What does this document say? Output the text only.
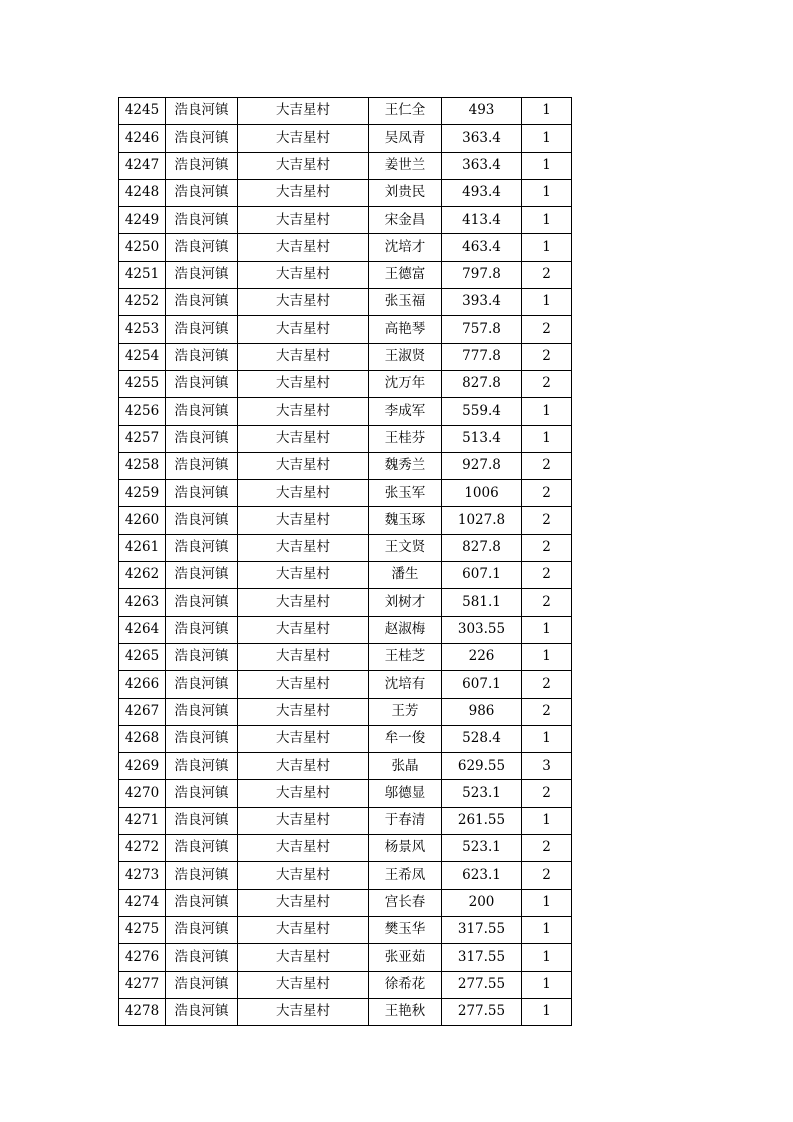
4245	浩良河镇	大吉星村	王仁全	493	1
4246	浩良河镇	大吉星村	吴凤青	363.4	1
4247	浩良河镇	大吉星村	姜世兰	363.4	1
4248	浩良河镇	大吉星村	刘贵民	493.4	1
4249	浩良河镇	大吉星村	宋金昌	413.4	1
4250	浩良河镇	大吉星村	沈培才	463.4	1
4251	浩良河镇	大吉星村	王德富	797.8	2
4252	浩良河镇	大吉星村	张玉福	393.4	1
4253	浩良河镇	大吉星村	高艳琴	757.8	2
4254	浩良河镇	大吉星村	王淑贤	777.8	2
4255	浩良河镇	大吉星村	沈万年	827.8	2
4256	浩良河镇	大吉星村	李成军	559.4	1
4257	浩良河镇	大吉星村	王桂芬	513.4	1
4258	浩良河镇	大吉星村	魏秀兰	927.8	2
4259	浩良河镇	大吉星村	张玉军	1006	2
4260	浩良河镇	大吉星村	魏玉琢	1027.8	2
4261	浩良河镇	大吉星村	王文贤	827.8	2
4262	浩良河镇	大吉星村	潘生	607.1	2
4263	浩良河镇	大吉星村	刘树才	581.1	2
4264	浩良河镇	大吉星村	赵淑梅	303.55	1
4265	浩良河镇	大吉星村	王桂芝	226	1
4266	浩良河镇	大吉星村	沈培有	607.1	2
4267	浩良河镇	大吉星村	王芳	986	2
4268	浩良河镇	大吉星村	牟一俊	528.4	1
4269	浩良河镇	大吉星村	张晶	629.55	3
4270	浩良河镇	大吉星村	邬德显	523.1	2
4271	浩良河镇	大吉星村	于春清	261.55	1
4272	浩良河镇	大吉星村	杨景风	523.1	2
4273	浩良河镇	大吉星村	王希凤	623.1	2
4274	浩良河镇	大吉星村	宫长春	200	1
4275	浩良河镇	大吉星村	樊玉华	317.55	1
4276	浩良河镇	大吉星村	张亚茹	317.55	1
4277	浩良河镇	大吉星村	徐希花	277.55	1
4278	浩良河镇	大吉星村	王艳秋	277.55	1
